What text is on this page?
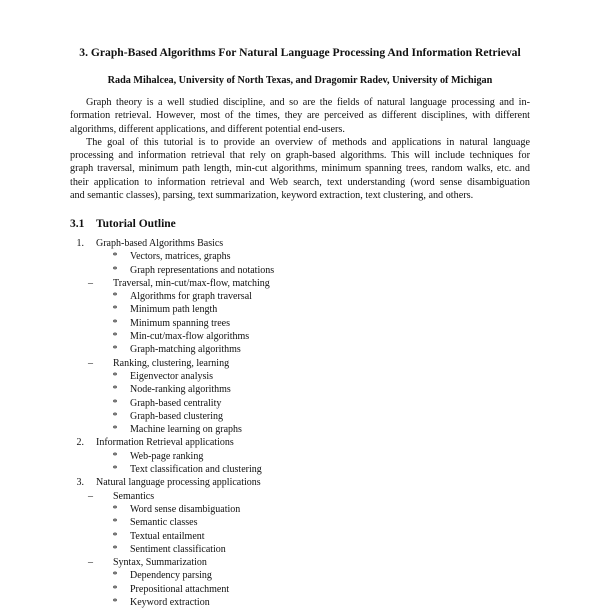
3. Graph-Based Algorithms For Natural Language Processing And Information Retrieval
Rada Mihalcea, University of North Texas, and Dragomir Radev, University of Michigan

Graph theory is a well studied discipline, and so are the fields of natural language processing and in-
formation retrieval. However, most of the times, they are perceived as different disciplines, with different
algorithms, different applications, and different potential end-users.

The goal of this tutorial is to provide an overview of methods and applications in natural language
processing and information retrieval that rely on graph-based algorithms. This will include techniques for
graph traversal, minimum path length, min-cut algorithms, minimum spanning trees, random walks, etc. and
their application to information retrieval and Web search, text understanding (word sense disambiguation
and semantic classes), parsing, text summarization, keyword extraction, text clustering, and others.

3.1 Tutorial Outline
1. Graph-based Algorithms Basics
*	Vectors, matrices, graphs
*	Graph representations and notations
–	Traversal, min-cut/max-flow, matching
*	Algorithms for graph traversal
*	Minimum path length
*	Minimum spanning trees
*	Min-cut/max-flow algorithms
*	Graph-matching algorithms
–	Ranking, clustering, learning
*	Eigenvector analysis
*	Node-ranking algorithms
*	Graph-based centrality
*	Graph-based clustering
*	Machine learning on graphs
2. Information Retrieval applications
*	Web-page ranking
*	Text classification and clustering
3. Natural language processing applications
–	Semantics
*	Word sense disambiguation
*	Semantic classes
*	Textual entailment
*	Sentiment classification
–	Syntax, Summarization
*	Dependency parsing
*	Prepositional attachment
*	Keyword extraction
